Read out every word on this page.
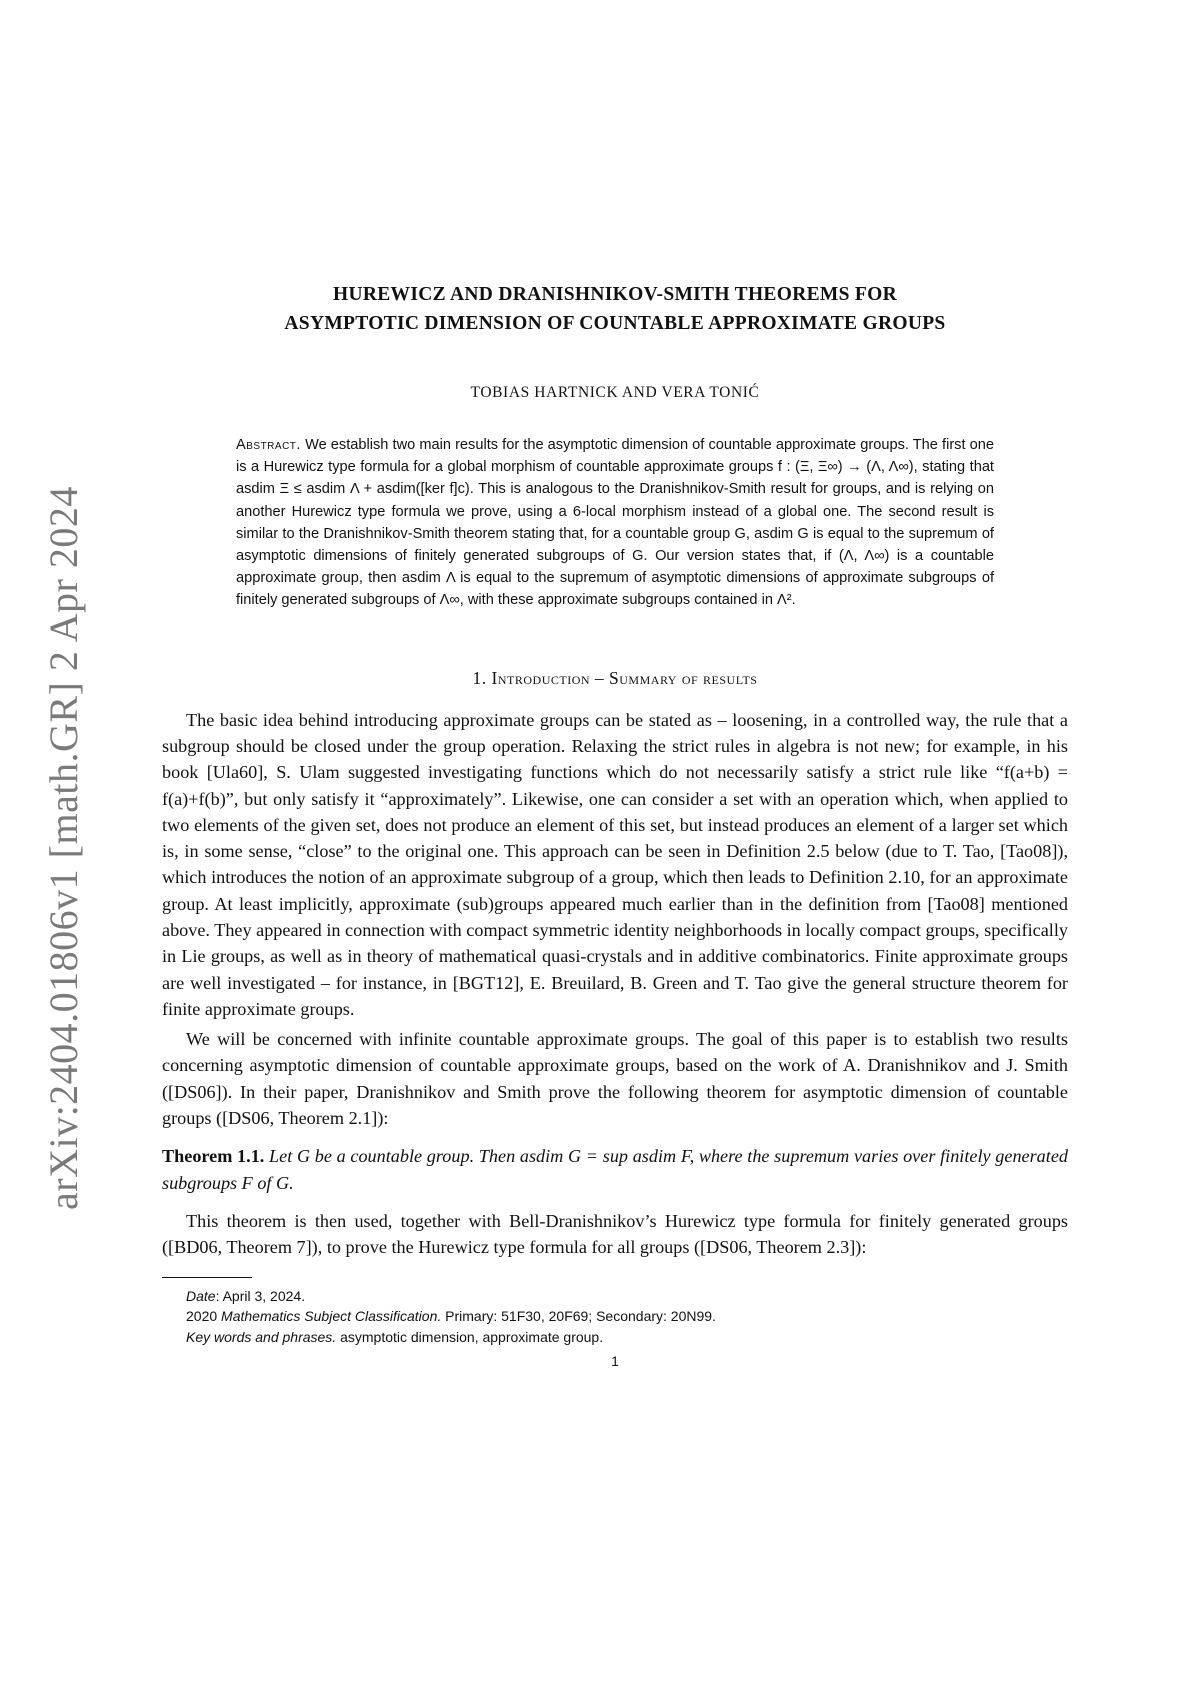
arXiv:2404.01806v1 [math.GR] 2 Apr 2024
HUREWICZ AND DRANISHNIKOV-SMITH THEOREMS FOR
ASYMPTOTIC DIMENSION OF COUNTABLE APPROXIMATE GROUPS
TOBIAS HARTNICK AND VERA TONIĆ
Abstract. We establish two main results for the asymptotic dimension of countable approximate groups. The first one is a Hurewicz type formula for a global morphism of countable approximate groups f : (Ξ, Ξ∞) → (Λ, Λ∞), stating that asdim Ξ ≤ asdim Λ + asdim([ker f]c). This is analogous to the Dranishnikov-Smith result for groups, and is relying on another Hurewicz type formula we prove, using a 6-local morphism instead of a global one. The second result is similar to the Dranishnikov-Smith theorem stating that, for a countable group G, asdim G is equal to the supremum of asymptotic dimensions of finitely generated subgroups of G. Our version states that, if (Λ, Λ∞) is a countable approximate group, then asdim Λ is equal to the supremum of asymptotic dimensions of approximate subgroups of finitely generated subgroups of Λ∞, with these approximate subgroups contained in Λ².
1. Introduction – Summary of results

The basic idea behind introducing approximate groups can be stated as – loosening, in a controlled way, the rule that a subgroup should be closed under the group operation. Relaxing the strict rules in algebra is not new; for example, in his book [Ula60], S. Ulam suggested investigating functions which do not necessarily satisfy a strict rule like “f(a+b) = f(a)+f(b)”, but only satisfy it “approximately”. Likewise, one can consider a set with an operation which, when applied to two elements of the given set, does not produce an element of this set, but instead produces an element of a larger set which is, in some sense, “close” to the original one. This approach can be seen in Definition 2.5 below (due to T. Tao, [Tao08]), which introduces the notion of an approximate subgroup of a group, which then leads to Definition 2.10, for an approximate group. At least implicitly, approximate (sub)groups appeared much earlier than in the definition from [Tao08] mentioned above. They appeared in connection with compact symmetric identity neighborhoods in locally compact groups, specifically in Lie groups, as well as in theory of mathematical quasi-crystals and in additive combinatorics. Finite approximate groups are well investigated – for instance, in [BGT12], E. Breuilard, B. Green and T. Tao give the general structure theorem for finite approximate groups.

We will be concerned with infinite countable approximate groups. The goal of this paper is to establish two results concerning asymptotic dimension of countable approximate groups, based on the work of A. Dranishnikov and J. Smith ([DS06]). In their paper, Dranishnikov and Smith prove the following theorem for asymptotic dimension of countable groups ([DS06, Theorem 2.1]):

Theorem 1.1. Let G be a countable group. Then asdim G = sup asdim F, where the supremum varies over finitely generated subgroups F of G.

This theorem is then used, together with Bell-Dranishnikov’s Hurewicz type formula for finitely generated groups ([BD06, Theorem 7]), to prove the Hurewicz type formula for all groups ([DS06, Theorem 2.3]):

Date: April 3, 2024.

2020 Mathematics Subject Classification. Primary: 51F30, 20F69; Secondary: 20N99.

Key words and phrases. asymptotic dimension, approximate group.

1
